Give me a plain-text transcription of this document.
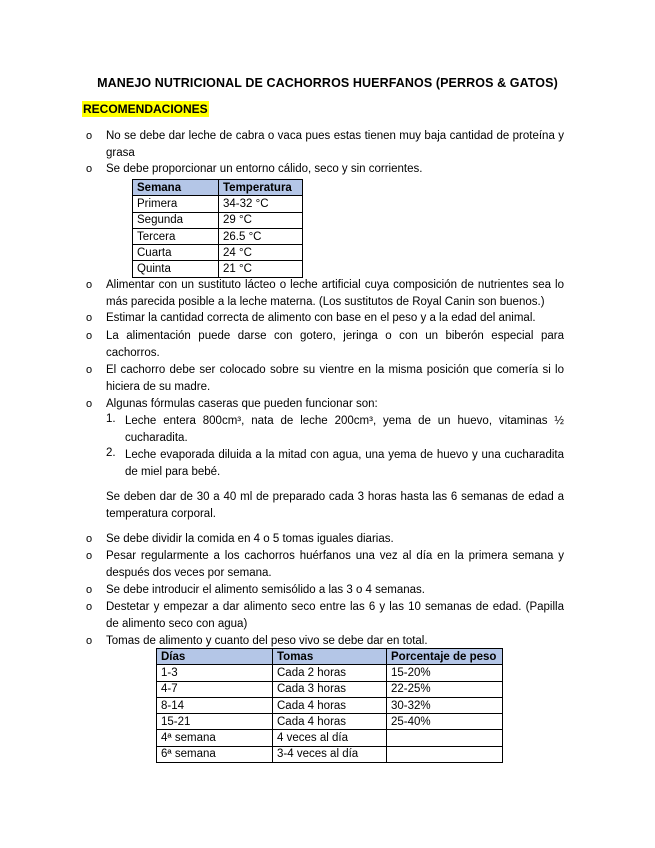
MANEJO NUTRICIONAL DE CACHORROS HUERFANOS (PERROS & GATOS)
RECOMENDACIONES
o No se debe dar leche de cabra o vaca pues estas tienen muy baja cantidad de proteína y grasa
o Se debe proporcionar un entorno cálido, seco y sin corrientes.
Semana	Temperatura
Primera	34-32 °C
Segunda	29 °C
Tercera	26.5 °C
Cuarta	24 °C
Quinta	21 °C
o Alimentar con un sustituto lácteo o leche artificial cuya composición de nutrientes sea lo más parecida posible a la leche materna. (Los sustitutos de Royal Canin son buenos.)
o Estimar la cantidad correcta de alimento con base en el peso y a la edad del animal.
o La alimentación puede darse con gotero, jeringa o con un biberón especial para cachorros.
o El cachorro debe ser colocado sobre su vientre en la misma posición que comería si lo hiciera de su madre.
o Algunas fórmulas caseras que pueden funcionar son:
1. Leche entera 800cm³, nata de leche 200cm³, yema de un huevo, vitaminas ½ cucharadita.
2. Leche evaporada diluida a la mitad con agua, una yema de huevo y una cucharadita de miel para bebé.
Se deben dar de 30 a 40 ml de preparado cada 3 horas hasta las 6 semanas de edad a temperatura corporal.
o Se debe dividir la comida en 4 o 5 tomas iguales diarias.
o Pesar regularmente a los cachorros huérfanos una vez al día en la primera semana y después dos veces por semana.
o Se debe introducir el alimento semisólido a las 3 o 4 semanas.
o Destetar y empezar a dar alimento seco entre las 6 y las 10 semanas de edad. (Papilla de alimento seco con agua)
o Tomas de alimento y cuanto del peso vivo se debe dar en total.
Días	Tomas	Porcentaje de peso
1-3	Cada 2 horas	15-20%
4-7	Cada 3 horas	22-25%
8-14	Cada 4 horas	30-32%
15-21	Cada 4 horas	25-40%
4ª semana	4 veces al día	
6ª semana	3-4 veces al día	
